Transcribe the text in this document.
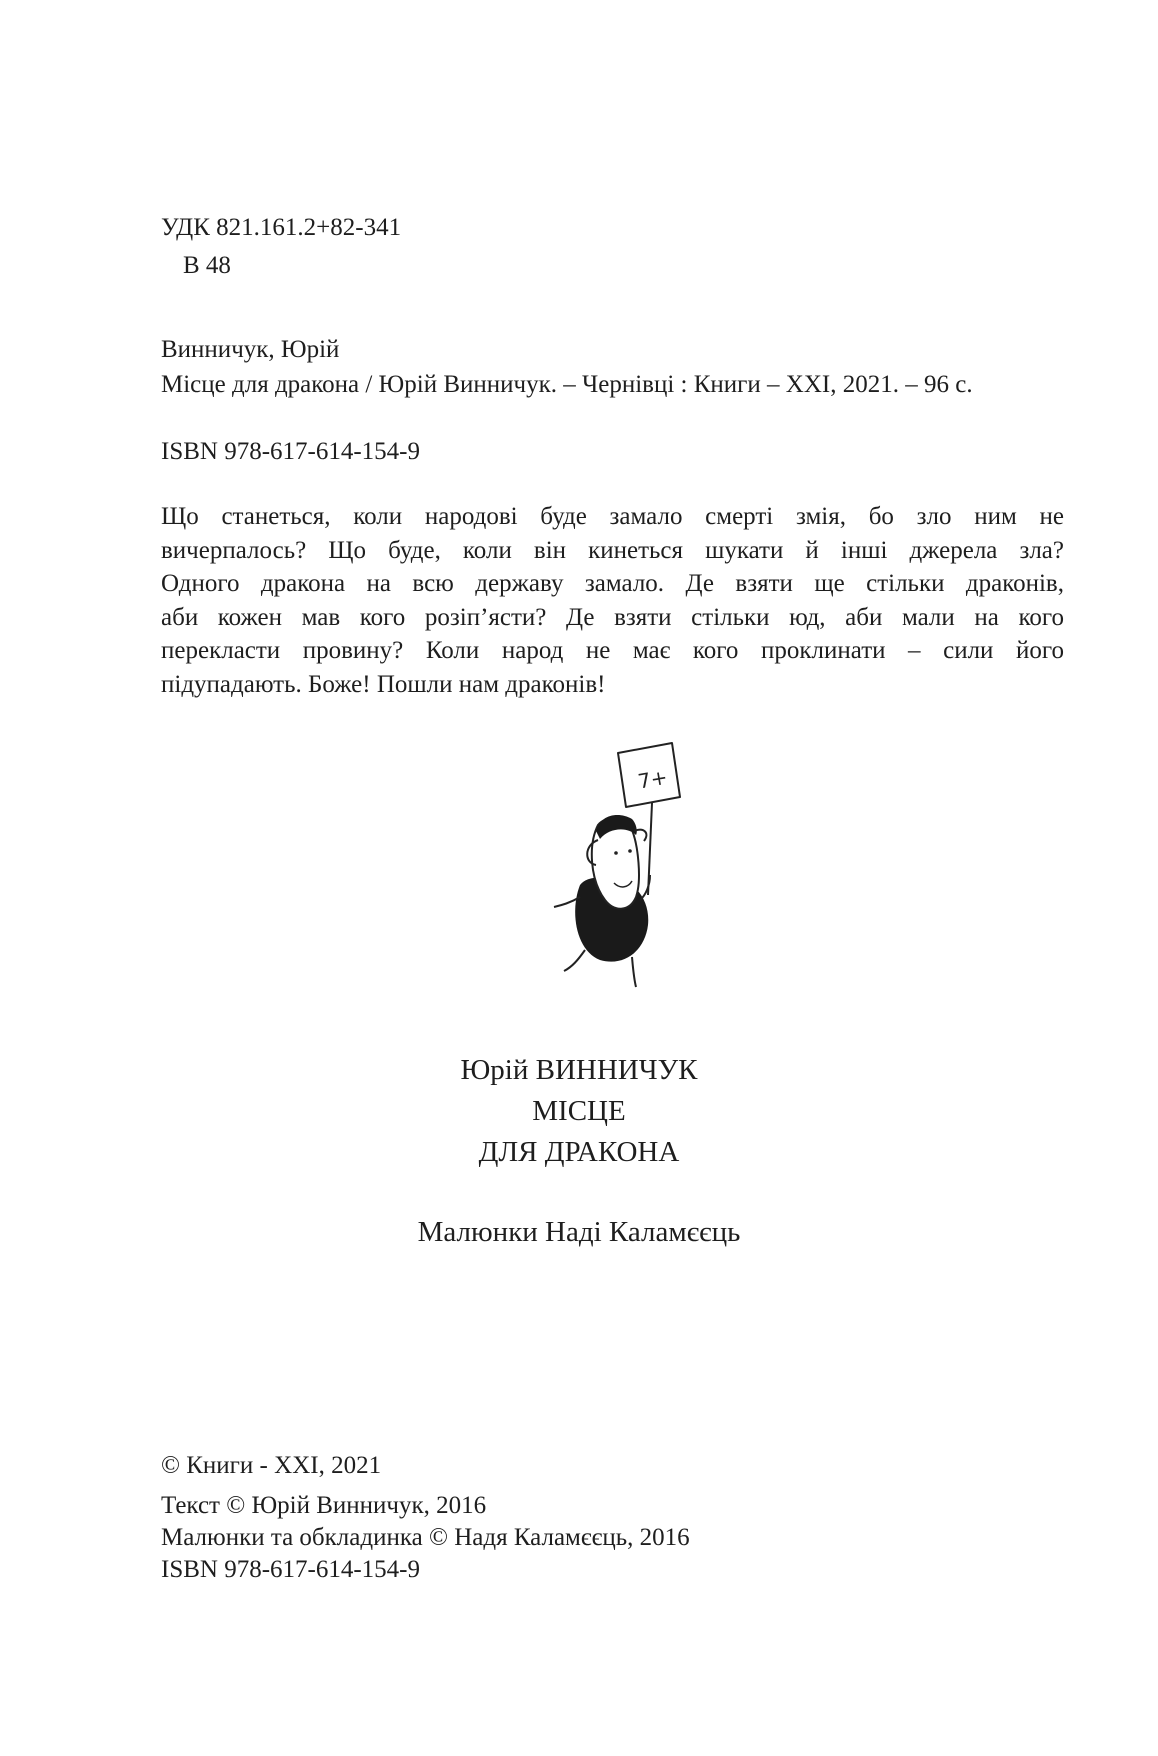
УДК 821.161.2+82-341
В 48
Винничук, Юрій
Місце для дракона / Юрій Винничук. – Чернівці : Книги – ХХІ, 2021. – 96 с.
ISBN 978-617-614-154-9
Що станеться, коли народові буде замало смерті змія, бо зло ним не
вичерпалось? Що буде, коли він кинеться шукати й інші джерела зла?
Одного дракона на всю державу замало. Де взяти ще стільки драконів,
аби кожен мав кого розіп’ясти? Де взяти стільки юд, аби мали на кого
перекласти провину? Коли народ не має кого проклинати – сили його
підупадають. Боже! Пошли нам драконів!
7+
Юрій ВИННИЧУК
МІСЦЕ
ДЛЯ ДРАКОНА
Малюнки Наді Каламєєць
© Книги - ХХІ, 2021
Текст © Юрій Винничук, 2016
Малюнки та обкладинка © Надя Каламєєць, 2016
ISBN 978-617-614-154-9
